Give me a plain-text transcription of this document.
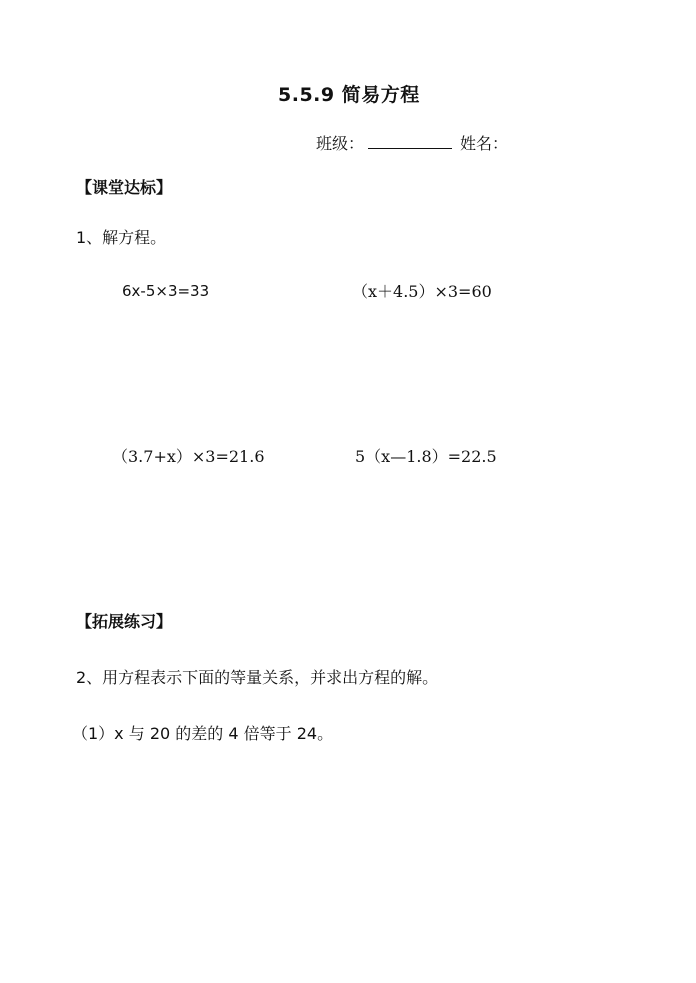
5.5.9 简易方程
班级：	姓名：
【课堂达标】
1、解方程。
6x-5×3=33	（x＋4.5）×3=60
（3.7+x）×3=21.6	5（x—1.8）=22.5
【拓展练习】
2、用方程表示下面的等量关系，并求出方程的解。
（1）x 与 20 的差的 4 倍等于 24。
